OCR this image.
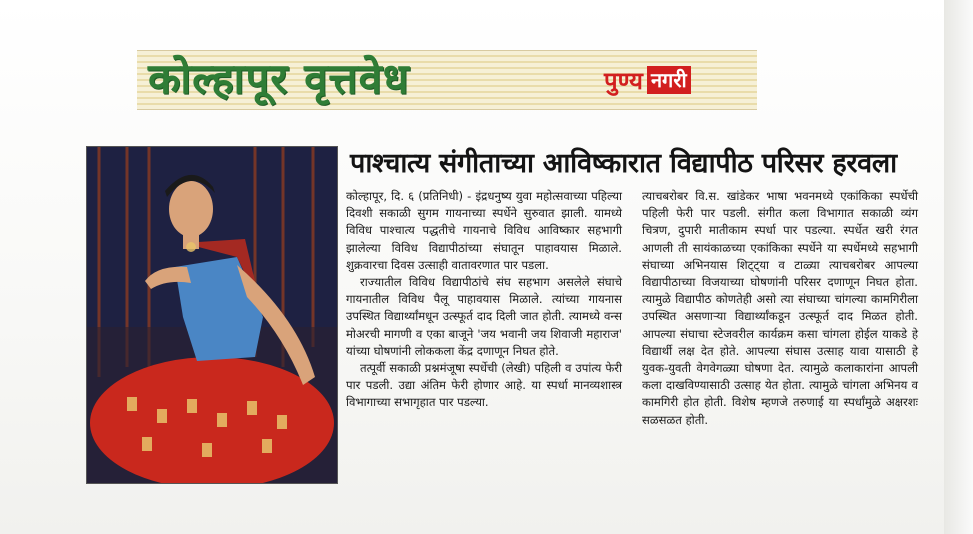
कोल्हापूर वृत्तवेध	पुण्य नगरी
पाश्चात्य संगीताच्या आविष्कारात विद्यापीठ परिसर हरवला

कोल्हापूर, दि. ६ (प्रतिनिधी) - इंद्रधनुष्य युवा महोत्सवाच्या पहिल्या दिवशी सकाळी सुगम गायनाच्या स्पर्धेने सुरुवात झाली. यामध्ये विविध पाश्चात्य पद्धतीचे गायनाचे विविध आविष्कार सहभागी झालेल्या विविध विद्यापीठांच्या संघातून पाहावयास मिळाले. शुक्रवारचा दिवस उत्साही वातावरणात पार पडला.

राज्यातील विविध विद्यापीठांचे संघ सहभाग असलेले संघाचे गायनातील विविध पैलू पाहावयास मिळाले. त्यांच्या गायनास उपस्थित विद्यार्थ्यांमधून उत्स्फूर्त दाद दिली जात होती. त्यामध्ये वन्स मोअरची मागणी व एका बाजूने 'जय भवानी जय शिवाजी महाराज' यांच्या घोषणांनी लोककला केंद्र दणाणून निघत होते.

तत्पूर्वी सकाळी प्रश्नमंजूषा स्पर्धेची (लेखी) पहिली व उपांत्य फेरी पार पडली. उद्या अंतिम फेरी होणार आहे. या स्पर्धा मानव्यशास्त्र विभागाच्या सभागृहात पार पडल्या.

त्याचबरोबर वि.स. खांडेकर भाषा भवनमध्ये एकांकिका स्पर्धेची पहिली फेरी पार पडली. संगीत कला विभागात सकाळी व्यंग चित्रण, दुपारी मातीकाम स्पर्धा पार पडल्या. स्पर्धेत खरी रंगत आणली ती सायंकाळच्या एकांकिका स्पर्धेने या स्पर्धेमध्ये सहभागी संघाच्या अभिनयास शिट्ट्या व टाळ्या त्याचबरोबर आपल्या विद्यापीठाच्या विजयाच्या घोषणांनी परिसर दणाणून निघत होता. त्यामुळे विद्यापीठ कोणतेही असो त्या संघाच्या चांगल्या कामगिरीला उपस्थित असणाऱ्या विद्यार्थ्यांकडून उत्स्फूर्त दाद मिळत होती. आपल्या संघाचा स्टेजवरील कार्यक्रम कसा चांगला होईल याकडे हे विद्यार्थी लक्ष देत होते. आपल्या संघास उत्साह यावा यासाठी हे युवक-युवती वेगवेगळ्या घोषणा देत. त्यामुळे कलाकारांना आपली कला दाखविण्यासाठी उत्साह येत होता. त्यामुळे चांगला अभिनय व कामगिरी होत होती. विशेष म्हणजे तरुणाई या स्पर्धांमुळे अक्षरशः सळसळत होती.
